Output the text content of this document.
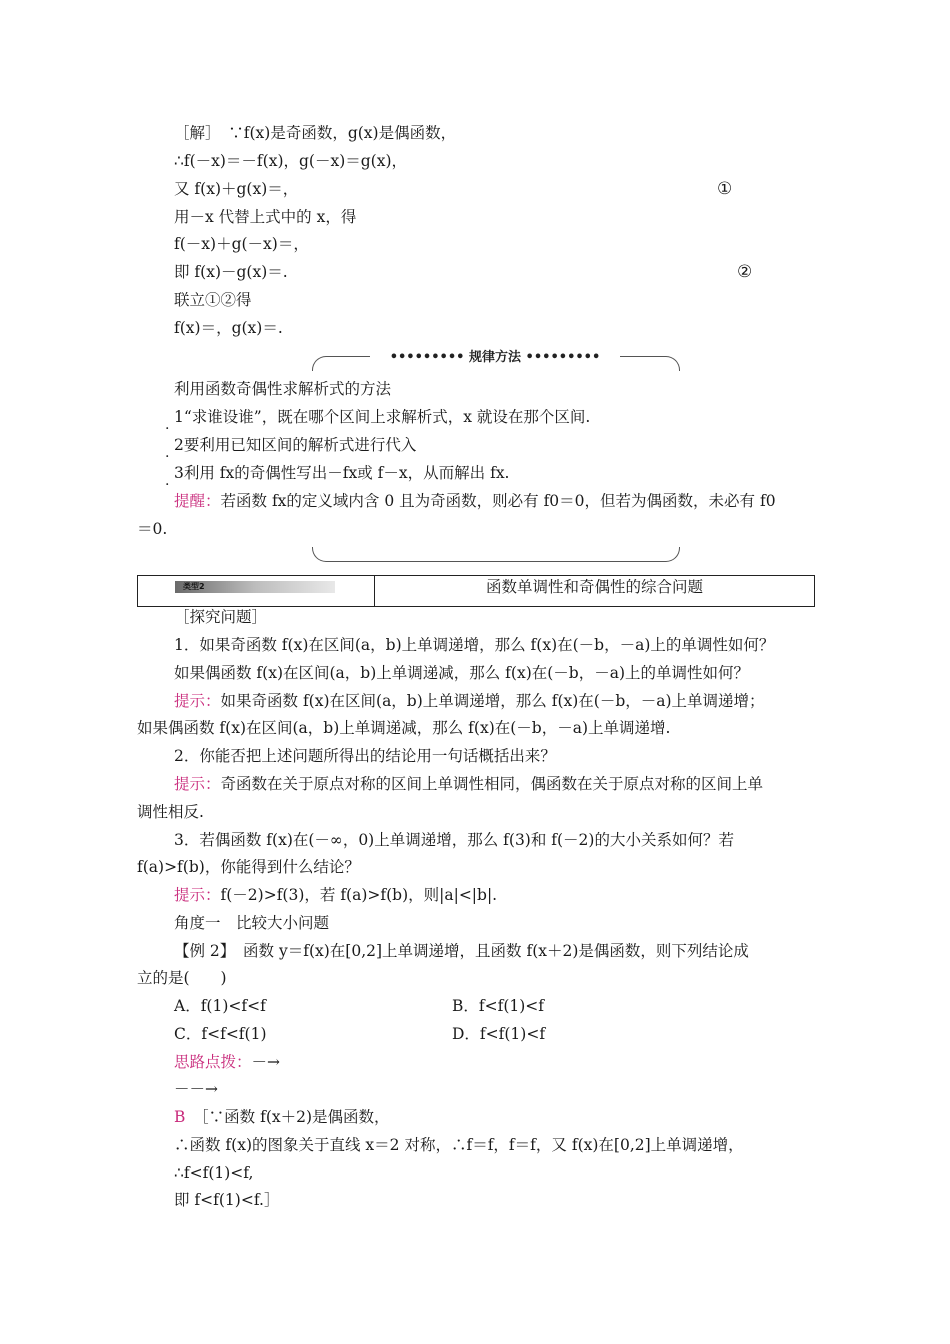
［解］　∵f(x)是奇函数，g(x)是偶函数，
∴f(－x)＝－f(x)，g(－x)＝g(x)，
又 f(x)＋g(x)＝，	①
用－x 代替上式中的 x，得
f(－x)＋g(－x)＝，
即 f(x)－g(x)＝.	②
联立①②得
f(x)＝，g(x)＝.
••••••••• 规律方法 •••••••••
利用函数奇偶性求解析式的方法
. 1“求谁设谁”，既在哪个区间上求解析式，x 就设在那个区间.
. 2要利用已知区间的解析式进行代入
. 3利用 fx的奇偶性写出－fx或 f－x，从而解出 fx.
提醒：若函数 fx的定义域内含 0 且为奇函数，则必有 f0＝0，但若为偶函数，未必有 f0
＝0.
类型2	函数单调性和奇偶性的综合问题
［探究问题］
1．如果奇函数 f(x)在区间(a，b)上单调递增，那么 f(x)在(－b，－a)上的单调性如何？
如果偶函数 f(x)在区间(a，b)上单调递减，那么 f(x)在(－b，－a)上的单调性如何？
提示：如果奇函数 f(x)在区间(a，b)上单调递增，那么 f(x)在(－b，－a)上单调递增；
如果偶函数 f(x)在区间(a，b)上单调递减，那么 f(x)在(－b，－a)上单调递增.
2．你能否把上述问题所得出的结论用一句话概括出来？
提示：奇函数在关于原点对称的区间上单调性相同，偶函数在关于原点对称的区间上单
调性相反.
3．若偶函数 f(x)在(－∞，0)上单调递增，那么 f(3)和 f(－2)的大小关系如何？若
f(a)>f(b)，你能得到什么结论？
提示：f(－2)>f(3)，若 f(a)>f(b)，则|a|<|b|.
角度一　比较大小问题
【例 2】　函数 y＝f(x)在[0,2]上单调递增，且函数 f(x＋2)是偶函数，则下列结论成
立的是(　　)
A．f(1)<f<f	B．f<f(1)<f
C．f<f<f(1)	D．f<f(1)<f
思路点拨：－→
－－→
B　 ［∵函数 f(x＋2)是偶函数，
∴函数 f(x)的图象关于直线 x＝2 对称，∴f＝f，f＝f，又 f(x)在[0,2]上单调递增，
∴f<f(1)<f,
即 f<f(1)<f.］
